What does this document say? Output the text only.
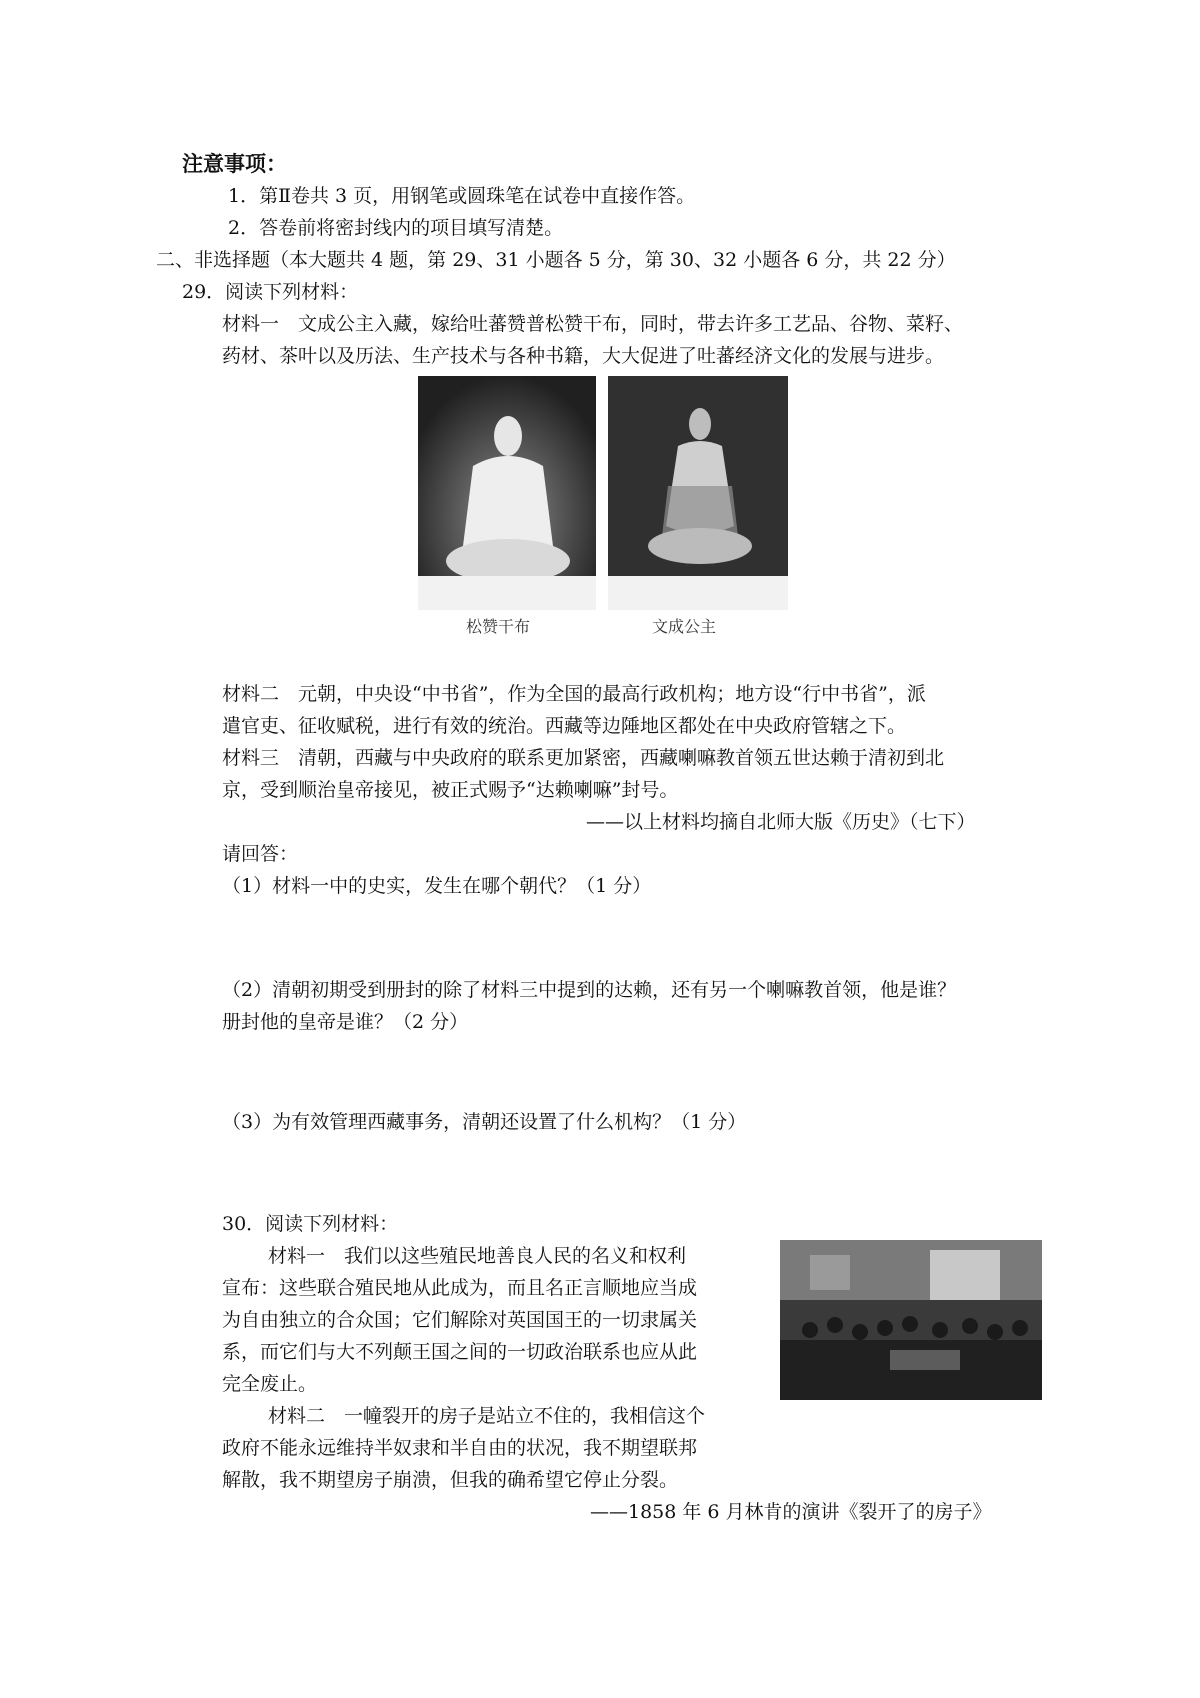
注意事项：
1．第Ⅱ卷共 3 页，用钢笔或圆珠笔在试卷中直接作答。
2．答卷前将密封线内的项目填写清楚。
二、非选择题（本大题共 4 题，第 29、31 小题各 5 分，第 30、32 小题各 6 分，共 22 分）
29．阅读下列材料：
材料一　文成公主入藏，嫁给吐蕃赞普松赞干布，同时，带去许多工艺品、谷物、菜籽、
药材、茶叶以及历法、生产技术与各种书籍，大大促进了吐蕃经济文化的发展与进步。
松赞干布	文成公主
材料二　元朝，中央设“中书省”，作为全国的最高行政机构；地方设“行中书省”，派
遣官吏、征收赋税，进行有效的统治。西藏等边陲地区都处在中央政府管辖之下。
材料三　清朝，西藏与中央政府的联系更加紧密，西藏喇嘛教首领五世达赖于清初到北
京，受到顺治皇帝接见，被正式赐予“达赖喇嘛”封号。
——以上材料均摘自北师大版《历史》（七下）
请回答：
（1）材料一中的史实，发生在哪个朝代？（1 分）
（2）清朝初期受到册封的除了材料三中提到的达赖，还有另一个喇嘛教首领，他是谁？
册封他的皇帝是谁？（2 分）
（3）为有效管理西藏事务，清朝还设置了什么机构？（1 分）
30．阅读下列材料：
材料一　我们以这些殖民地善良人民的名义和权利
宣布：这些联合殖民地从此成为，而且名正言顺地应当成
为自由独立的合众国；它们解除对英国国王的一切隶属关
系，而它们与大不列颠王国之间的一切政治联系也应从此
完全废止。
材料二　一幢裂开的房子是站立不住的，我相信这个
政府不能永远维持半奴隶和半自由的状况，我不期望联邦
解散，我不期望房子崩溃，但我的确希望它停止分裂。
——1858 年 6 月林肯的演讲《裂开了的房子》
